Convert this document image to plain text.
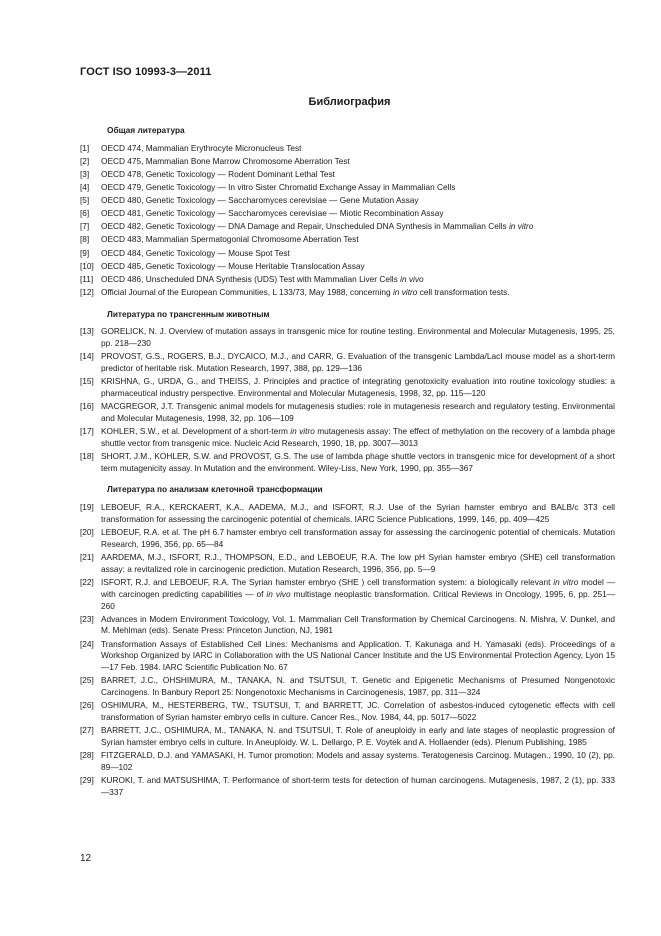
ГОСТ ISO 10993-3—2011
Библиография
Общая литература
[1]	OECD 474, Mammalian Erythrocyte Micronucleus Test
[2]	OECD 475, Mammalian Bone Marrow Chromosome Aberration Test
[3]	OECD 478, Genetic Toxicology — Rodent Dominant Lethal Test
[4]	OECD 479, Genetic Toxicology — In vitro Sister Chromatid Exchange Assay in Mammalian Cells
[5]	OECD 480, Genetic Toxicology — Saccharomyces cerevisiae — Gene Mutation Assay
[6]	OECD 481, Genetic Toxicology — Saccharomyces cerevisiae — Miotic Recombination Assay
[7]	OECD 482, Genetic Toxicology — DNA Damage and Repair, Unscheduled DNA Synthesis in Mammalian Cells in vitro
[8]	OECD 483, Mammalian Spermatogonial Chromosome Aberration Test
[9]	OECD 484, Genetic Toxicology — Mouse Spot Test
[10] OECD 485, Genetic Toxicology — Mouse Heritable Translocation Assay
[11] OECD 486, Unscheduled DNA Synthesis (UDS) Test with Mammalian Liver Cells in vivo
[12] Official Journal of the European Communities, L 133/73, May 1988, concerning in vitro cell transformation tests.
Литература по трансгенным животным
[13] GORELICK, N. J. Overview of mutation assays in transgenic mice for routine testing. Environmental and Molecular Mutagenesis, 1995, 25, pp. 218—230
[14] PROVOST, G.S., ROGERS, B.J., DYCAICO, M.J., and CARR, G. Evaluation of the transgenic Lambda/LacI mouse model as a short-term predictor of heritable risk. Mutation Research, 1997, 388, pp. 129—136
[15] KRISHNA, G., URDA, G., and THEISS, J. Principles and practice of integrating genotoxicity evaluation into routine toxicology studies: a pharmaceutical industry perspective. Environmental and Molecular Mutagenesis, 1998, 32, pp. 115—120
[16] MACGREGOR, J.T. Transgenic animal models for mutagenesis studies: role in mutagenesis research and regulatory testing. Environmental and Molecular Mutagenesis, 1998, 32, pp. 106—109
[17] KOHLER, S.W., et al. Development of a short-term in vitro mutagenesis assay: The effect of methylation on the recovery of a lambda phage shuttle vector from transgenic mice. Nucleic Acid Research, 1990, 18, pp. 3007—3013
[18] SHORT, J.M., KOHLER, S.W. and PROVOST, G.S. The use of lambda phage shuttle vectors in transgenic mice for development of a short term mutagenicity assay. In Mutation and the environment. Wiley-Liss, New York, 1990, pp. 355—367
Литература по анализам клеточной трансформации
[19] LEBOEUF, R.A., KERCKAERT, K.A., AADEMA, M.J., and ISFORT, R.J. Use of the Syrian hamster embryo and BALB/c 3T3 cell transformation for assessing the carcinogenic potential of chemicals. IARC Science Publications, 1999, 146, pp. 409—425
[20] LEBOEUF, R.A. et al. The pH 6.7 hamster embryo cell transformation assay for assessing the carcinogenic potential of chemicals. Mutation Research, 1996, 356, pp. 65—84
[21] AARDEMA, M.J., ISFORT, R.J., THOMPSON, E.D., and LEBOEUF, R.A. The low pH Syrian hamster embryo (SHE) cell transformation assay: a revitalized role in carcinogenic prediction. Mutation Research, 1996, 356, pp. 5—9
[22] ISFORT, R.J. and LEBOEUF, R.A. The Syrian hamster embryo (SHE ) cell transformation system: a biologically relevant in vitro model — with carcinogen predicting capabilities — of in vivo multistage neoplastic transformation. Critical Reviews in Oncology, 1995, 6, pp. 251—260
[23] Advances in Modern Environment Toxicology, Vol. 1. Mammalian Cell Transformation by Chemical Carcinogens. N. Mishra, V. Dunkel, and M. Mehlman (eds). Senate Press: Princeton Junction, NJ, 1981
[24] Transformation Assays of Established Cell Lines: Mechanisms and Application. T. Kakunaga and H. Yamasaki (eds). Proceedings of a Workshop Organized by IARC in Collaboration with the US National Cancer Institute and the US Environmental Protection Agency, Lyon 15—17 Feb. 1984. IARC Scientific Publication No. 67
[25] BARRET, J.C., OHSHIMURA, M., TANAKA, N. and TSUTSUI, T. Genetic and Epigenetic Mechanisms of Presumed Nongenotoxic Carcinogens. In Banbury Report 25: Nongenotoxic Mechanisms in Carcinogenesis, 1987, pp. 311—324
[26] OSHIMURA, M., HESTERBERG, TW., TSUTSUI, T. and BARRETT, JC. Correlation of asbestos-induced cytogenetic effects with cell transformation of Syrian hamster embryo cells in culture. Cancer Res., Nov. 1984, 44, pp. 5017—5022
[27] BARRETT, J.C., OSHIMURA, M., TANAKA, N. and TSUTSUI, T. Role of aneuploidy in early and late stages of neoplastic progression of Syrian hamster embryo cells in culture. In Aneuploidy. W. L. Dellargo, P. E. Voytek and A. Hollaender (eds). Plenum Publishing, 1985
[28] FITZGERALD, D.J. and YAMASAKI, H. Tumor promotion: Models and assay systems. Teratogenesis Carcinog. Mutagen., 1990, 10 (2), pp. 89—102
[29] KUROKI, T. and MATSUSHIMA, T. Performance of short-term tests for detection of human carcinogens. Mutagenesis, 1987, 2 (1), pp. 333—337
12
